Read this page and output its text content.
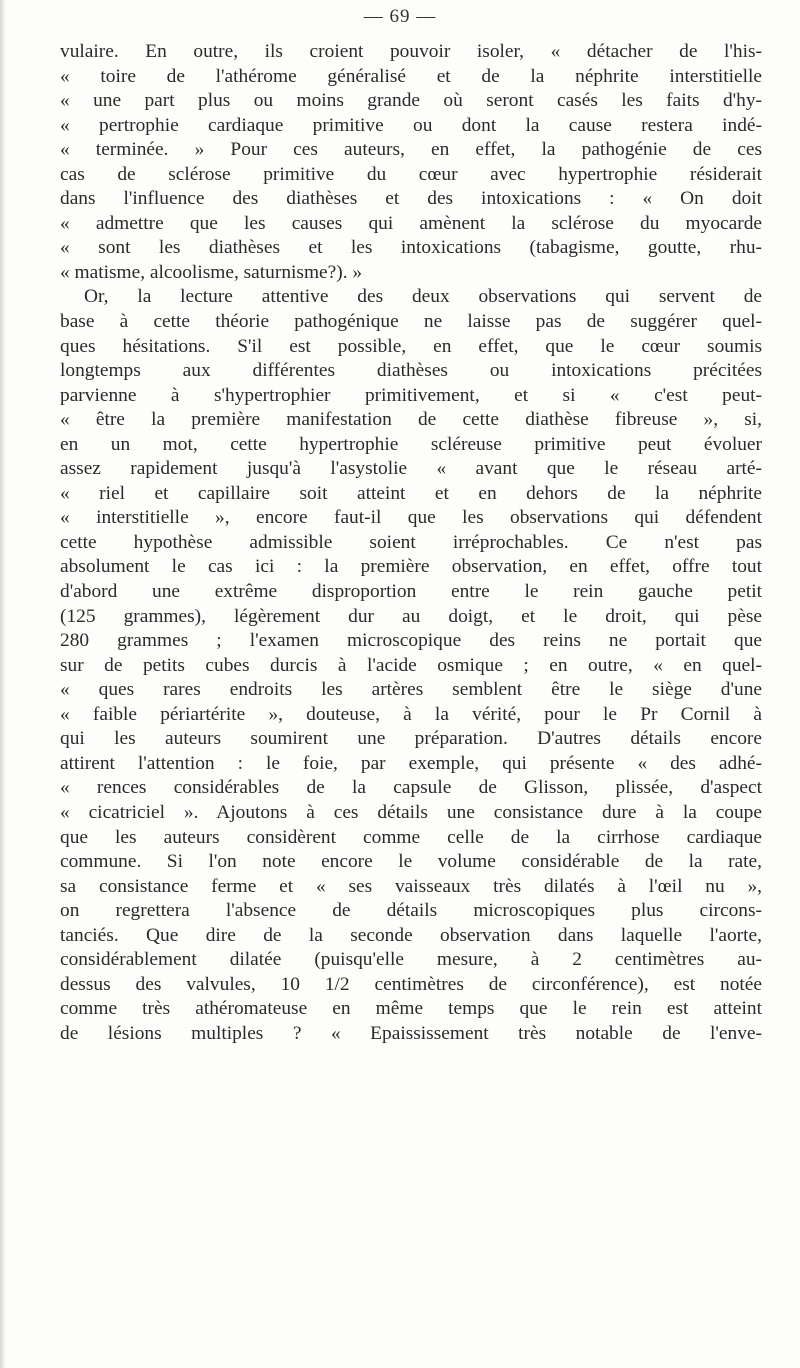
— 69 —
vulaire. En outre, ils croient pouvoir isoler, « détacher de l'his-
« toire de l'athérome généralisé et de la néphrite interstitielle
« une part plus ou moins grande où seront casés les faits d'hy-
« pertrophie cardiaque primitive ou dont la cause restera indé-
« terminée. » Pour ces auteurs, en effet, la pathogénie de ces
cas de sclérose primitive du cœur avec hypertrophie résiderait
dans l'influence des diathèses et des intoxications : « On doit
« admettre que les causes qui amènent la sclérose du myocarde
« sont les diathèses et les intoxications (tabagisme, goutte, rhu-
« matisme, alcoolisme, saturnisme?). »
Or, la lecture attentive des deux observations qui servent de
base à cette théorie pathogénique ne laisse pas de suggérer quel-
ques hésitations. S'il est possible, en effet, que le cœur soumis
longtemps aux différentes diathèses ou intoxications précitées
parvienne à s'hypertrophier primitivement, et si « c'est peut-
« être la première manifestation de cette diathèse fibreuse », si,
en un mot, cette hypertrophie scléreuse primitive peut évoluer
assez rapidement jusqu'à l'asystolie « avant que le réseau arté-
« riel et capillaire soit atteint et en dehors de la néphrite
« interstitielle », encore faut-il que les observations qui défendent
cette hypothèse admissible soient irréprochables. Ce n'est pas
absolument le cas ici : la première observation, en effet, offre tout
d'abord une extrême disproportion entre le rein gauche petit
(125 grammes), légèrement dur au doigt, et le droit, qui pèse
280 grammes ; l'examen microscopique des reins ne portait que
sur de petits cubes durcis à l'acide osmique ; en outre, « en quel-
« ques rares endroits les artères semblent être le siège d'une
« faible périartérite », douteuse, à la vérité, pour le Pr Cornil à
qui les auteurs soumirent une préparation. D'autres détails encore
attirent l'attention : le foie, par exemple, qui présente « des adhé-
« rences considérables de la capsule de Glisson, plissée, d'aspect
« cicatriciel ». Ajoutons à ces détails une consistance dure à la coupe
que les auteurs considèrent comme celle de la cirrhose cardiaque
commune. Si l'on note encore le volume considérable de la rate,
sa consistance ferme et « ses vaisseaux très dilatés à l'œil nu »,
on regrettera l'absence de détails microscopiques plus circons-
tanciés. Que dire de la seconde observation dans laquelle l'aorte,
considérablement dilatée (puisqu'elle mesure, à 2 centimètres au-
dessus des valvules, 10 1/2 centimètres de circonférence), est notée
comme très athéromateuse en même temps que le rein est atteint
de lésions multiples ? « Epaississement très notable de l'enve-
